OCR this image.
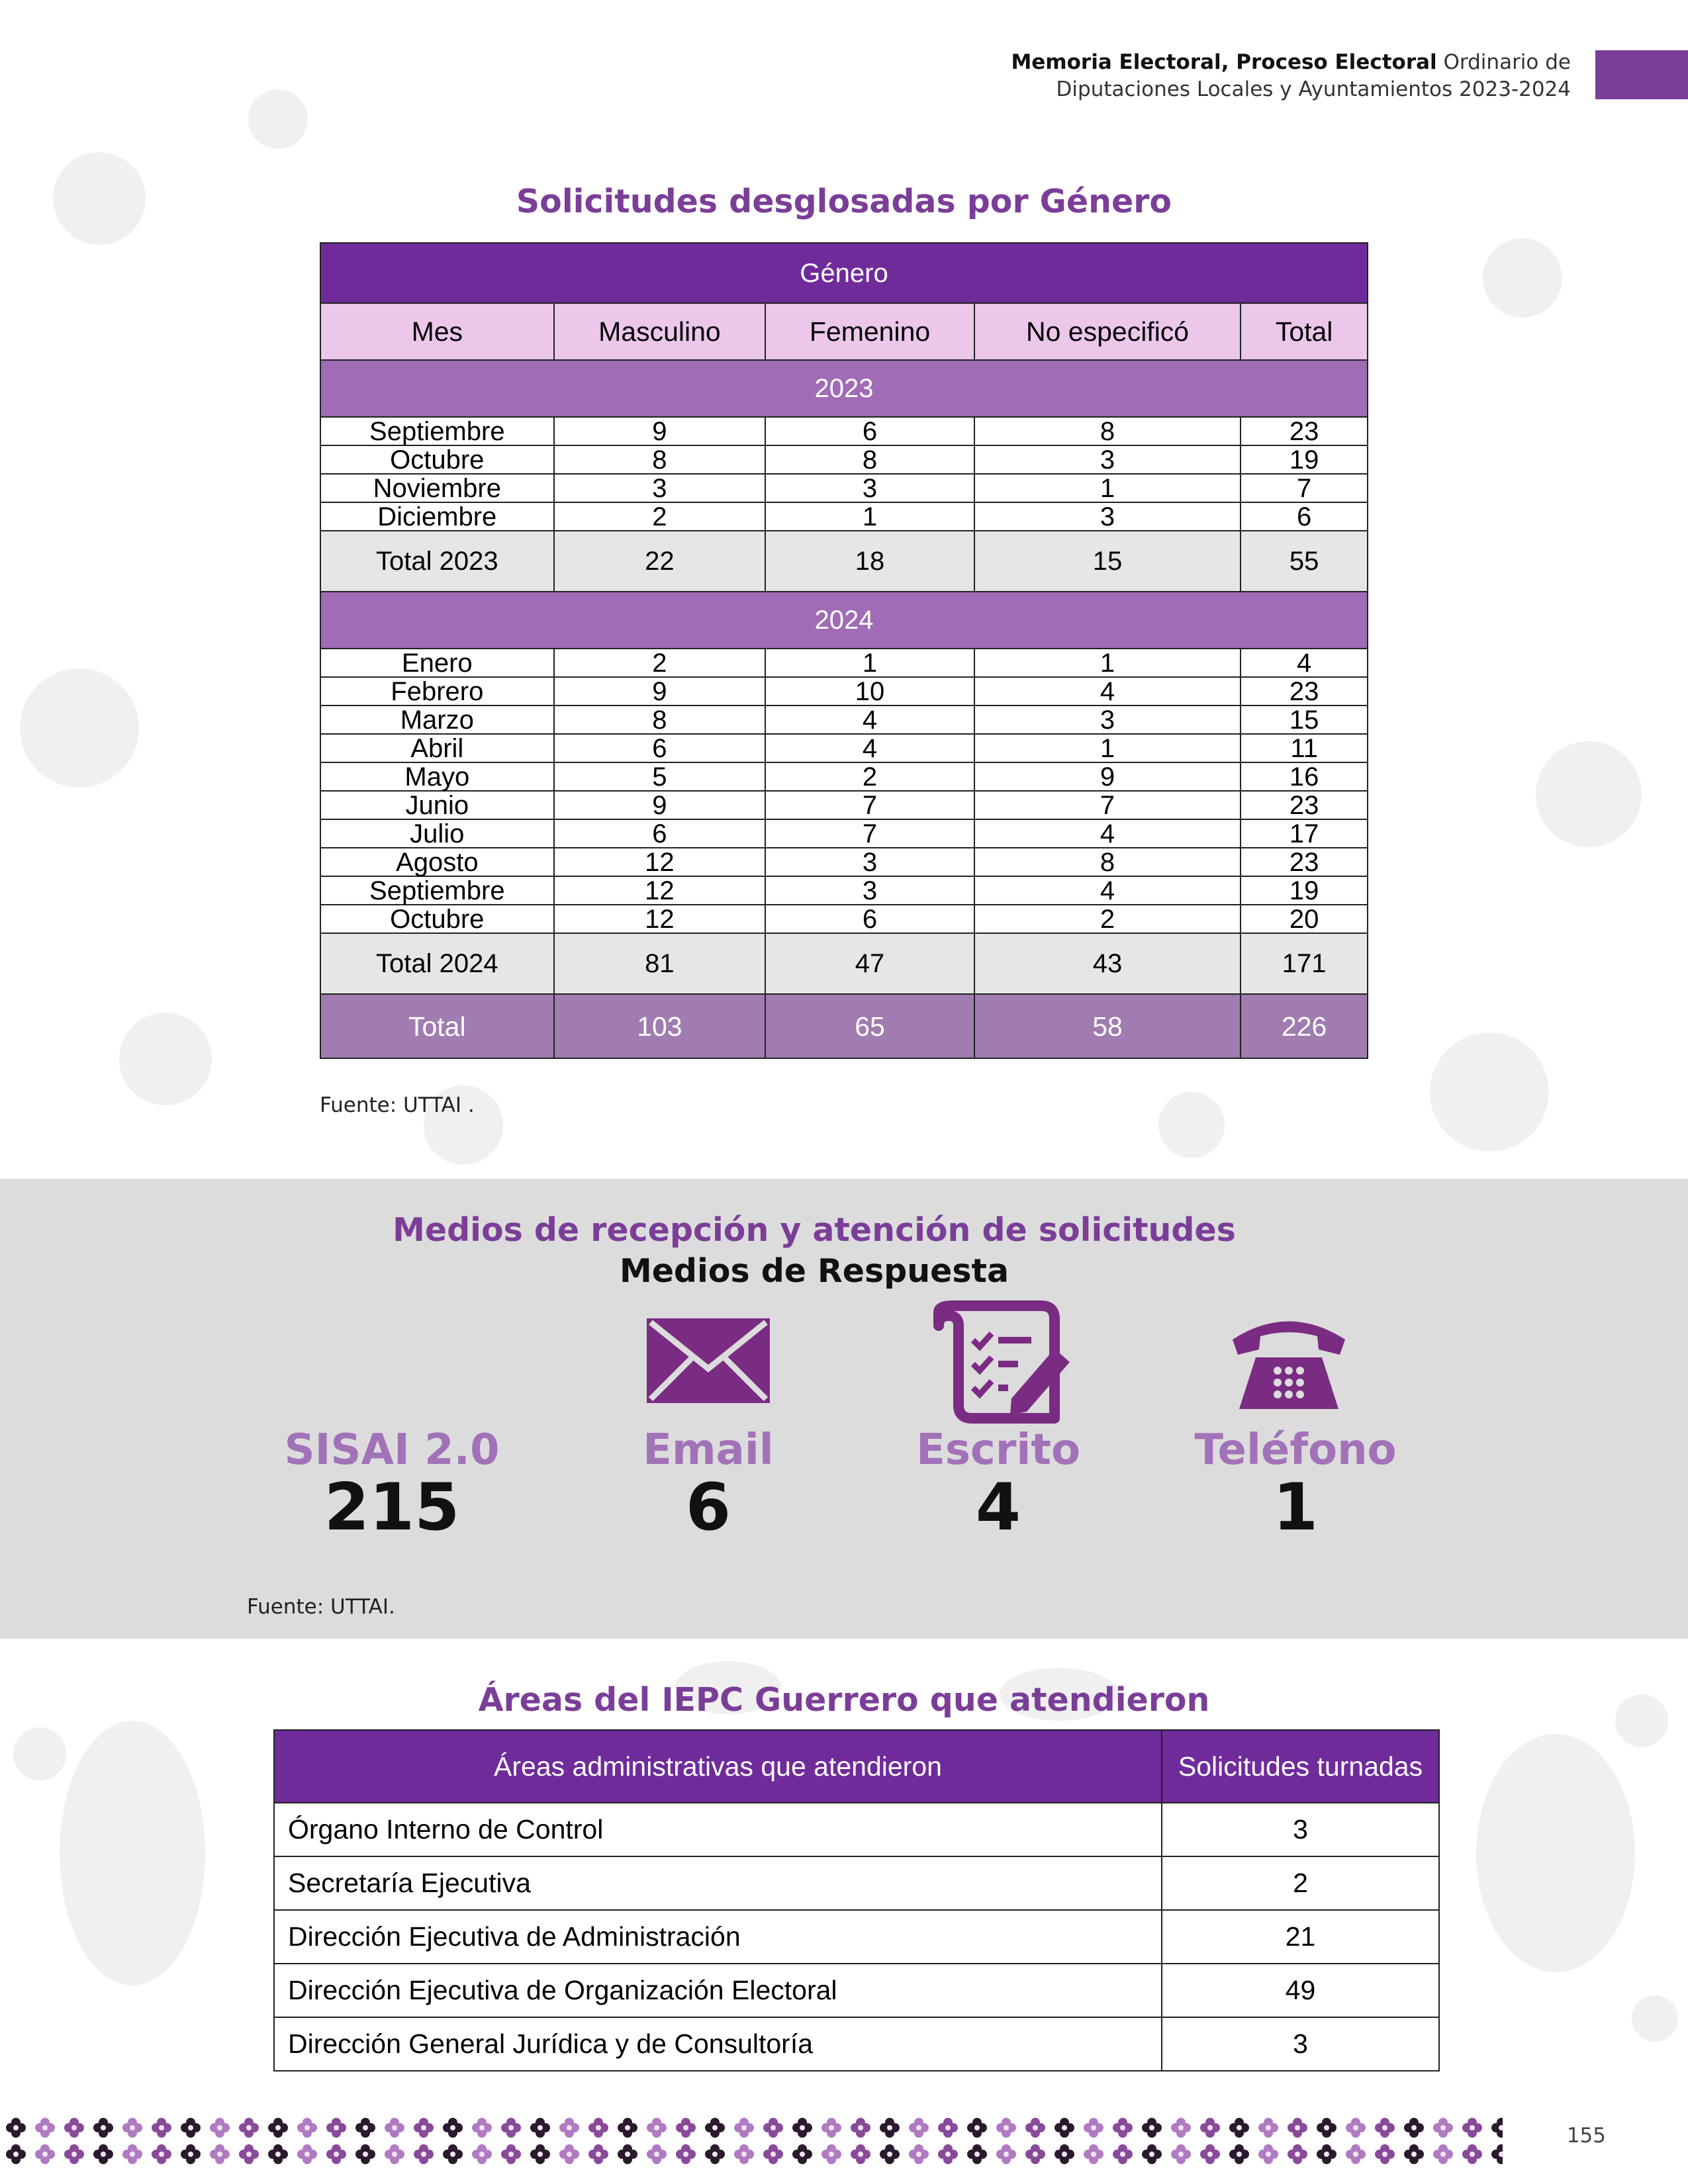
Memoria Electoral, Proceso Electoral Ordinario de
Diputaciones Locales y Ayuntamientos 2023-2024
Solicitudes desglosadas por Género
Género				
Mes	Masculino	Femenino	No especificó	Total
2023				
Septiembre	9	6	8	23
Octubre	8	8	3	19
Noviembre	3	3	1	7
Diciembre	2	1	3	6
Total 2023	22	18	15	55
2024				
Enero	2	1	1	4
Febrero	9	10	4	23
Marzo	8	4	3	15
Abril	6	4	1	11
Mayo	5	2	9	16
Junio	9	7	7	23
Julio	6	7	4	17
Agosto	12	3	8	23
Septiembre	12	3	4	19
Octubre	12	6	2	20
Total 2024	81	47	43	171
Total	103	65	58	226
Fuente: UTTAI .
Medios de recepción y atención de solicitudes
Medios de Respuesta
SISAI 2.0
215
Email
6
Escrito
4
Teléfono
1
Fuente: UTTAI.
Áreas del IEPC Guerrero que atendieron
Áreas administrativas que atendieron	Solicitudes turnadas
Órgano Interno de Control	3
Secretaría Ejecutiva	2
Dirección Ejecutiva de Administración	21
Dirección Ejecutiva de Organización Electoral	49
Dirección General Jurídica y de Consultoría	3
155
